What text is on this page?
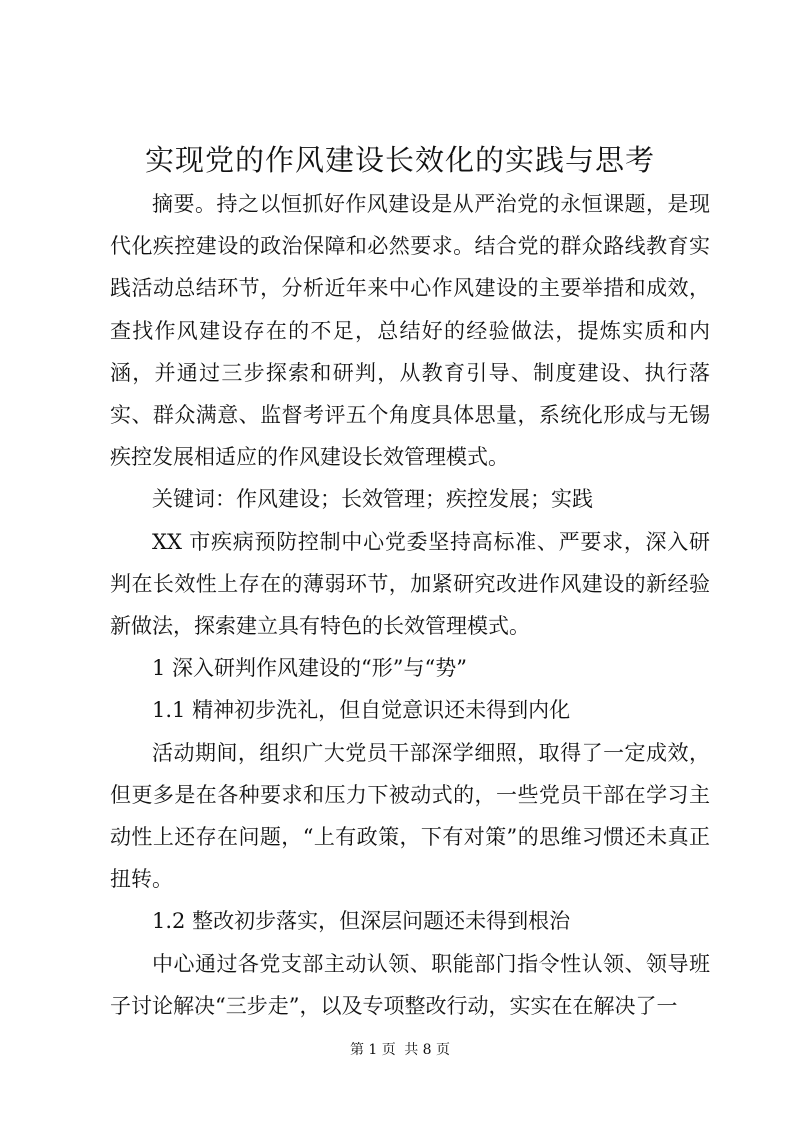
实现党的作风建设长效化的实践与思考

摘要。持之以恒抓好作风建设是从严治党的永恒课题，是现代化疾控建设的政治保障和必然要求。结合党的群众路线教育实践活动总结环节，分析近年来中心作风建设的主要举措和成效，查找作风建设存在的不足，总结好的经验做法，提炼实质和内涵，并通过三步探索和研判，从教育引导、制度建设、执行落实、群众满意、监督考评五个角度具体思量，系统化形成与无锡疾控发展相适应的作风建设长效管理模式。

关键词：作风建设；长效管理；疾控发展；实践

XX 市疾病预防控制中心党委坚持高标准、严要求，深入研判在长效性上存在的薄弱环节，加紧研究改进作风建设的新经验新做法，探索建立具有特色的长效管理模式。

1 深入研判作风建设的“形”与“势”

1.1 精神初步洗礼，但自觉意识还未得到内化

活动期间，组织广大党员干部深学细照，取得了一定成效，但更多是在各种要求和压力下被动式的，一些党员干部在学习主动性上还存在问题，“上有政策，下有对策”的思维习惯还未真正扭转。

1.2 整改初步落实，但深层问题还未得到根治

中心通过各党支部主动认领、职能部门指令性认领、领导班子讨论解决“三步走”，以及专项整改行动，实实在在解决了一

第 1 页 共 8 页
